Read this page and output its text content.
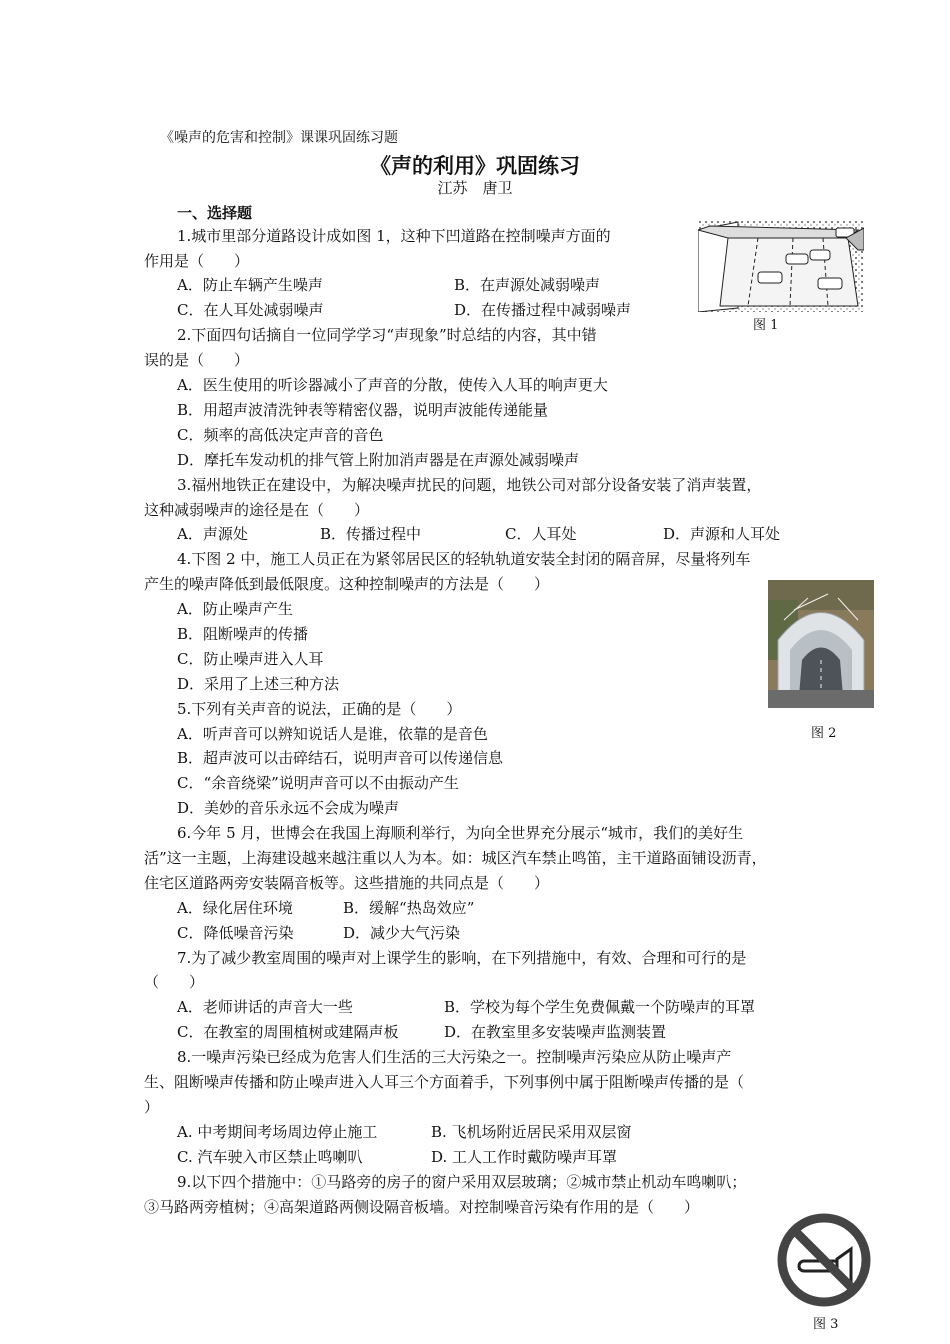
《噪声的危害和控制》课课巩固练习题
《声的利用》巩固练习
江苏　唐卫
一、选择题
1.城市里部分道路设计成如图 1，这种下凹道路在控制噪声方面的
作用是（　　）
A．防止车辆产生噪声	B．在声源处减弱噪声
C．在人耳处减弱噪声	D．在传播过程中减弱噪声
图 1
2.下面四句话摘自一位同学学习“声现象”时总结的内容，其中错
误的是（　　）
A．医生使用的听诊器减小了声音的分散，使传入人耳的响声更大
B．用超声波清洗钟表等精密仪器，说明声波能传递能量
C．频率的高低决定声音的音色
D．摩托车发动机的排气管上附加消声器是在声源处减弱噪声
3.福州地铁正在建设中，为解决噪声扰民的问题，地铁公司对部分设备安装了消声装置，
这种减弱噪声的途径是在（　　）
A．声源处	B．传播过程中	C．人耳处	D．声源和人耳处
4.下图 2 中，施工人员正在为紧邻居民区的轻轨轨道安装全封闭的隔音屏，尽量将列车
产生的噪声降低到最低限度。这种控制噪声的方法是（　　）
A．防止噪声产生
B．阻断噪声的传播
C．防止噪声进入人耳
D．采用了上述三种方法
图 2
5.下列有关声音的说法，正确的是（　　）
A．听声音可以辨知说话人是谁，依靠的是音色
B．超声波可以击碎结石，说明声音可以传递信息
C．“余音绕梁”说明声音可以不由振动产生
D．美妙的音乐永远不会成为噪声
6.今年 5 月，世博会在我国上海顺利举行，为向全世界充分展示“城市，我们的美好生
活”这一主题，上海建设越来越注重以人为本。如：城区汽车禁止鸣笛，主干道路面铺设沥青，
住宅区道路两旁安装隔音板等。这些措施的共同点是（　　）
A．绿化居住环境	B．缓解“热岛效应”
C．降低噪音污染	D．减少大气污染
7.为了减少教室周围的噪声对上课学生的影响，在下列措施中，有效、合理和可行的是
（　　）
A．老师讲话的声音大一些	B．学校为每个学生免费佩戴一个防噪声的耳罩
C．在教室的周围植树或建隔声板	D．在教室里多安装噪声监测装置
8.一噪声污染已经成为危害人们生活的三大污染之一。控制噪声污染应从防止噪声产
生、阻断噪声传播和防止噪声进入人耳三个方面着手，下列事例中属于阻断噪声传播的是（
）
A. 中考期间考场周边停止施工	B. 飞机场附近居民采用双层窗
C. 汽车驶入市区禁止鸣喇叭	D. 工人工作时戴防噪声耳罩
9.以下四个措施中：①马路旁的房子的窗户采用双层玻璃；②城市禁止机动车鸣喇叭；
③马路两旁植树；④高架道路两侧设隔音板墙。对控制噪音污染有作用的是（　　）
图 3
